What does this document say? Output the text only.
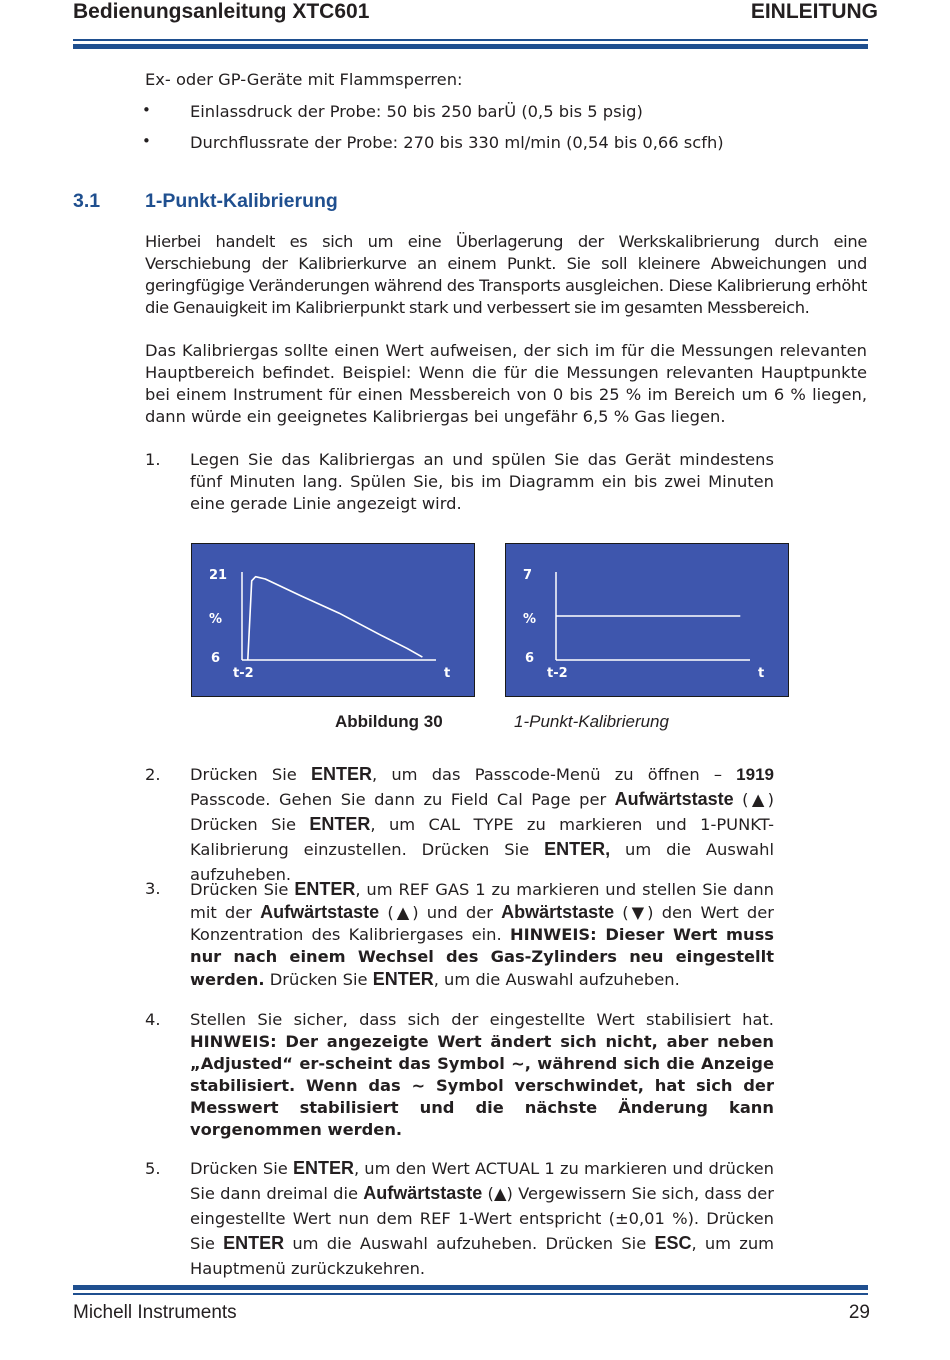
Bedienungsanleitung XTC601	EINLEITUNG
Ex- oder GP-Geräte mit Flammsperren:
• Einlassdruck der Probe: 50 bis 250 barÜ (0,5 bis 5 psig)
• Durchflussrate der Probe: 270 bis 330 ml/min (0,54 bis 0,66 scfh)
3.1 1-Punkt-Kalibrierung
Hierbei handelt es sich um eine Überlagerung der Werkskalibrierung durch eine Verschiebung der Kalibrierkurve an einem Punkt. Sie soll kleinere Abweichungen und geringfügige Veränderungen während des Transports ausgleichen. Diese Kalibrierung erhöht die Genauigkeit im Kalibrierpunkt stark und verbessert sie im gesamten Messbereich.
Das Kalibriergas sollte einen Wert aufweisen, der sich im für die Messungen relevanten Hauptbereich befindet. Beispiel: Wenn die für die Messungen relevanten Hauptpunkte bei einem Instrument für einen Messbereich von 0 bis 25 % im Bereich um 6 % liegen, dann würde ein geeignetes Kalibriergas bei ungefähr 6,5 % Gas liegen.
1. Legen Sie das Kalibriergas an und spülen Sie das Gerät mindestens fünf Minuten lang. Spülen Sie, bis im Diagramm ein bis zwei Minuten eine gerade Linie angezeigt wird.
21
%
6
t-2	t
7
%
6
t-2	t
Abbildung 30	1-Punkt-Kalibrierung
2. Drücken Sie ENTER, um das Passcode-Menü zu öffnen – 1919 Passcode. Gehen Sie dann zu Field Cal Page per Aufwärtstaste (▲) Drücken Sie ENTER, um CAL TYPE zu markieren und 1-PUNKT-Kalibrierung einzustellen. Drücken Sie ENTER, um die Auswahl aufzuheben.
3. Drücken Sie ENTER, um REF GAS 1 zu markieren und stellen Sie dann mit der Aufwärtstaste (▲) und der Abwärtstaste (▼) den Wert der Konzentration des Kalibriergases ein. HINWEIS: Dieser Wert muss nur nach einem Wechsel des Gas-Zylinders neu eingestellt werden. Drücken Sie ENTER, um die Auswahl aufzuheben.
4. Stellen Sie sicher, dass sich der eingestellte Wert stabilisiert hat. HINWEIS: Der angezeigte Wert ändert sich nicht, aber neben „Adjusted“ er-scheint das Symbol ~, während sich die Anzeige stabilisiert. Wenn das ~ Symbol verschwindet, hat sich der Messwert stabilisiert und die nächste Änderung kann vorgenommen werden.
5. Drücken Sie ENTER, um den Wert ACTUAL 1 zu markieren und drücken Sie dann dreimal die Aufwärtstaste (▲) Vergewissern Sie sich, dass der eingestellte Wert nun dem REF 1-Wert entspricht (±0,01 %). Drücken Sie ENTER um die Auswahl aufzuheben. Drücken Sie ESC, um zum Hauptmenü zurückzukehren.
Michell Instruments	29
